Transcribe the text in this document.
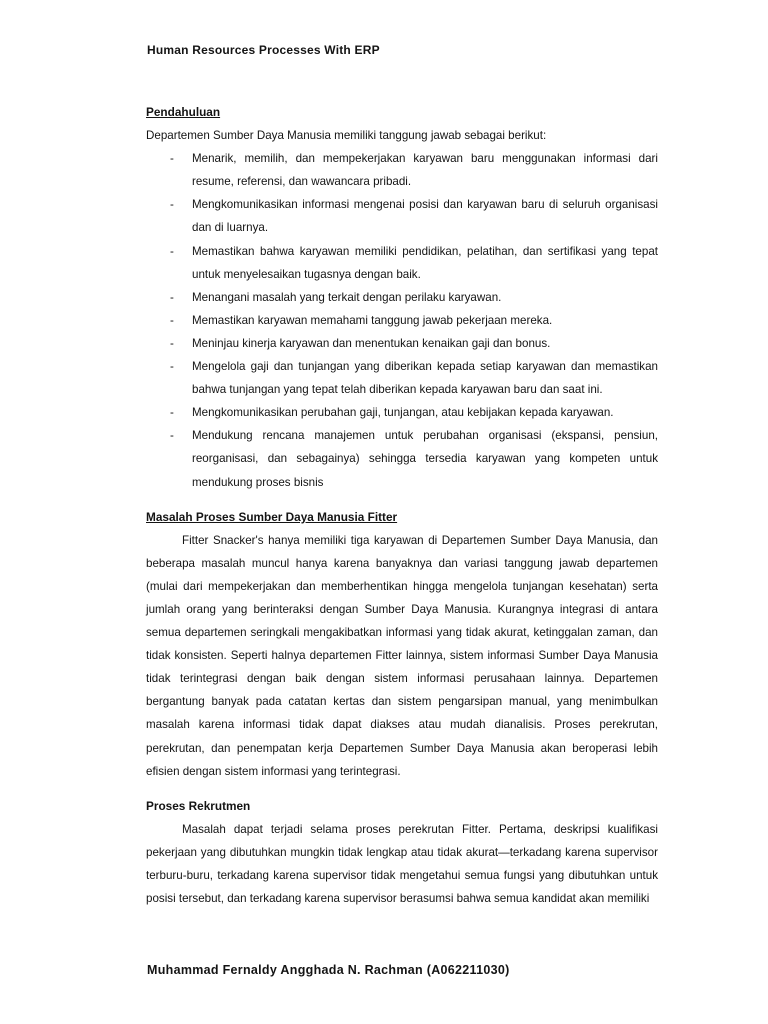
Human Resources Processes With ERP

Pendahuluan

Departemen Sumber Daya Manusia memiliki tanggung jawab sebagai berikut:

- Menarik, memilih, dan mempekerjakan karyawan baru menggunakan informasi dari resume, referensi, dan wawancara pribadi.
- Mengkomunikasikan informasi mengenai posisi dan karyawan baru di seluruh organisasi dan di luarnya.
- Memastikan bahwa karyawan memiliki pendidikan, pelatihan, dan sertifikasi yang tepat untuk menyelesaikan tugasnya dengan baik.
- Menangani masalah yang terkait dengan perilaku karyawan.
- Memastikan karyawan memahami tanggung jawab pekerjaan mereka.
- Meninjau kinerja karyawan dan menentukan kenaikan gaji dan bonus.
- Mengelola gaji dan tunjangan yang diberikan kepada setiap karyawan dan memastikan bahwa tunjangan yang tepat telah diberikan kepada karyawan baru dan saat ini.
- Mengkomunikasikan perubahan gaji, tunjangan, atau kebijakan kepada karyawan.
- Mendukung rencana manajemen untuk perubahan organisasi (ekspansi, pensiun, reorganisasi, dan sebagainya) sehingga tersedia karyawan yang kompeten untuk mendukung proses bisnis

Masalah Proses Sumber Daya Manusia Fitter

Fitter Snacker's hanya memiliki tiga karyawan di Departemen Sumber Daya Manusia, dan beberapa masalah muncul hanya karena banyaknya dan variasi tanggung jawab departemen (mulai dari mempekerjakan dan memberhentikan hingga mengelola tunjangan kesehatan) serta jumlah orang yang berinteraksi dengan Sumber Daya Manusia. Kurangnya integrasi di antara semua departemen seringkali mengakibatkan informasi yang tidak akurat, ketinggalan zaman, dan tidak konsisten. Seperti halnya departemen Fitter lainnya, sistem informasi Sumber Daya Manusia tidak terintegrasi dengan baik dengan sistem informasi perusahaan lainnya. Departemen bergantung banyak pada catatan kertas dan sistem pengarsipan manual, yang menimbulkan masalah karena informasi tidak dapat diakses atau mudah dianalisis. Proses perekrutan, perekrutan, dan penempatan kerja Departemen Sumber Daya Manusia akan beroperasi lebih efisien dengan sistem informasi yang terintegrasi.

Proses Rekrutmen

Masalah dapat terjadi selama proses perekrutan Fitter. Pertama, deskripsi kualifikasi pekerjaan yang dibutuhkan mungkin tidak lengkap atau tidak akurat—terkadang karena supervisor terburu-buru, terkadang karena supervisor tidak mengetahui semua fungsi yang dibutuhkan untuk posisi tersebut, dan terkadang karena supervisor berasumsi bahwa semua kandidat akan memiliki

Muhammad Fernaldy Angghada N. Rachman (A062211030)
